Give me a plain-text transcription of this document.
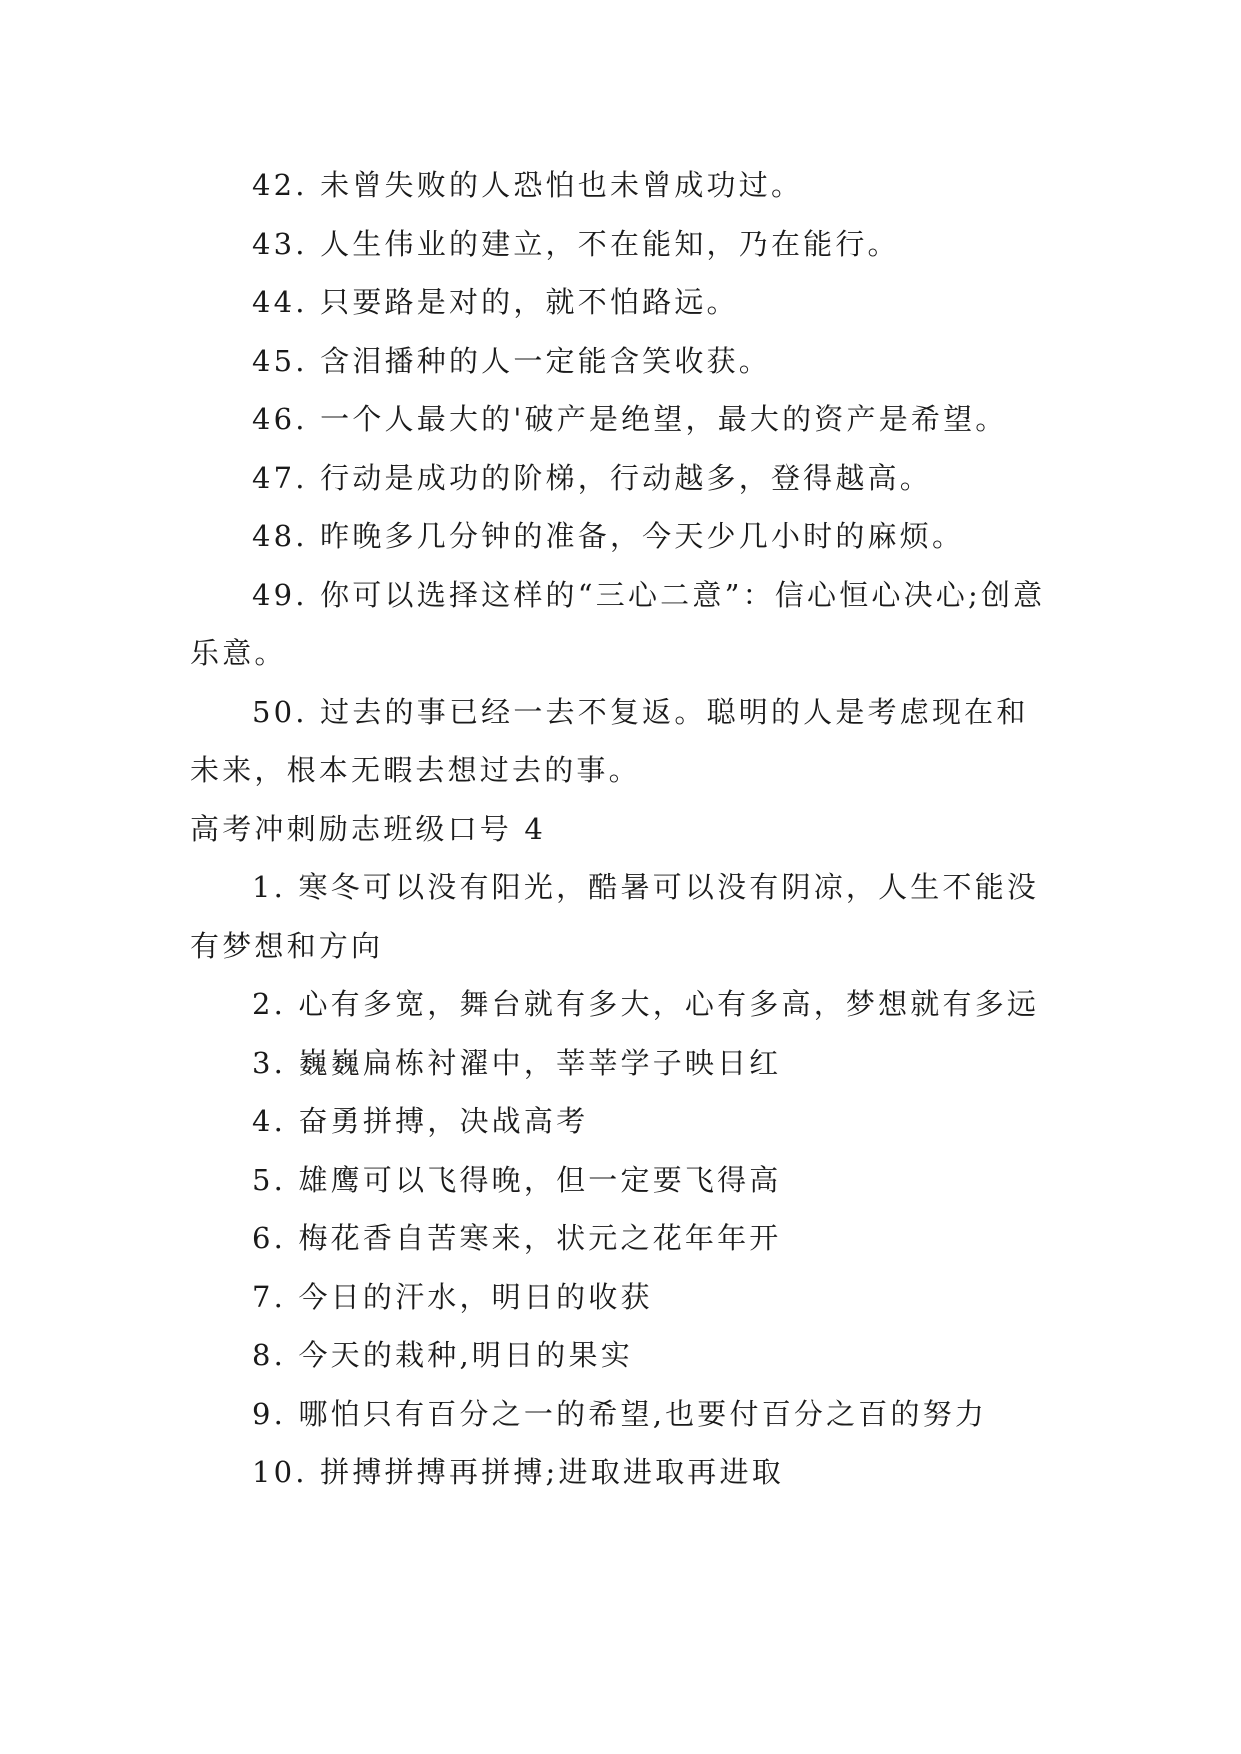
42. 未曾失败的人恐怕也未曾成功过。

43. 人生伟业的建立，不在能知，乃在能行。

44. 只要路是对的，就不怕路远。

45. 含泪播种的人一定能含笑收获。

46. 一个人最大的'破产是绝望，最大的资产是希望。

47. 行动是成功的阶梯，行动越多，登得越高。

48. 昨晚多几分钟的准备，今天少几小时的麻烦。

49. 你可以选择这样的“三心二意”：信心恒心决心;创意乐意。

50. 过去的事已经一去不复返。聪明的人是考虑现在和未来，根本无暇去想过去的事。

高考冲刺励志班级口号 4

1. 寒冬可以没有阳光，酷暑可以没有阴凉，人生不能没有梦想和方向

2. 心有多宽，舞台就有多大，心有多高，梦想就有多远

3. 巍巍扁栋衬濯中，莘莘学子映日红

4. 奋勇拼搏，决战高考

5. 雄鹰可以飞得晚，但一定要飞得高

6. 梅花香自苦寒来，状元之花年年开

7. 今日的汗水，明日的收获

8. 今天的栽种,明日的果实

9. 哪怕只有百分之一的希望,也要付百分之百的努力

10. 拼搏拼搏再拼搏;进取进取再进取
